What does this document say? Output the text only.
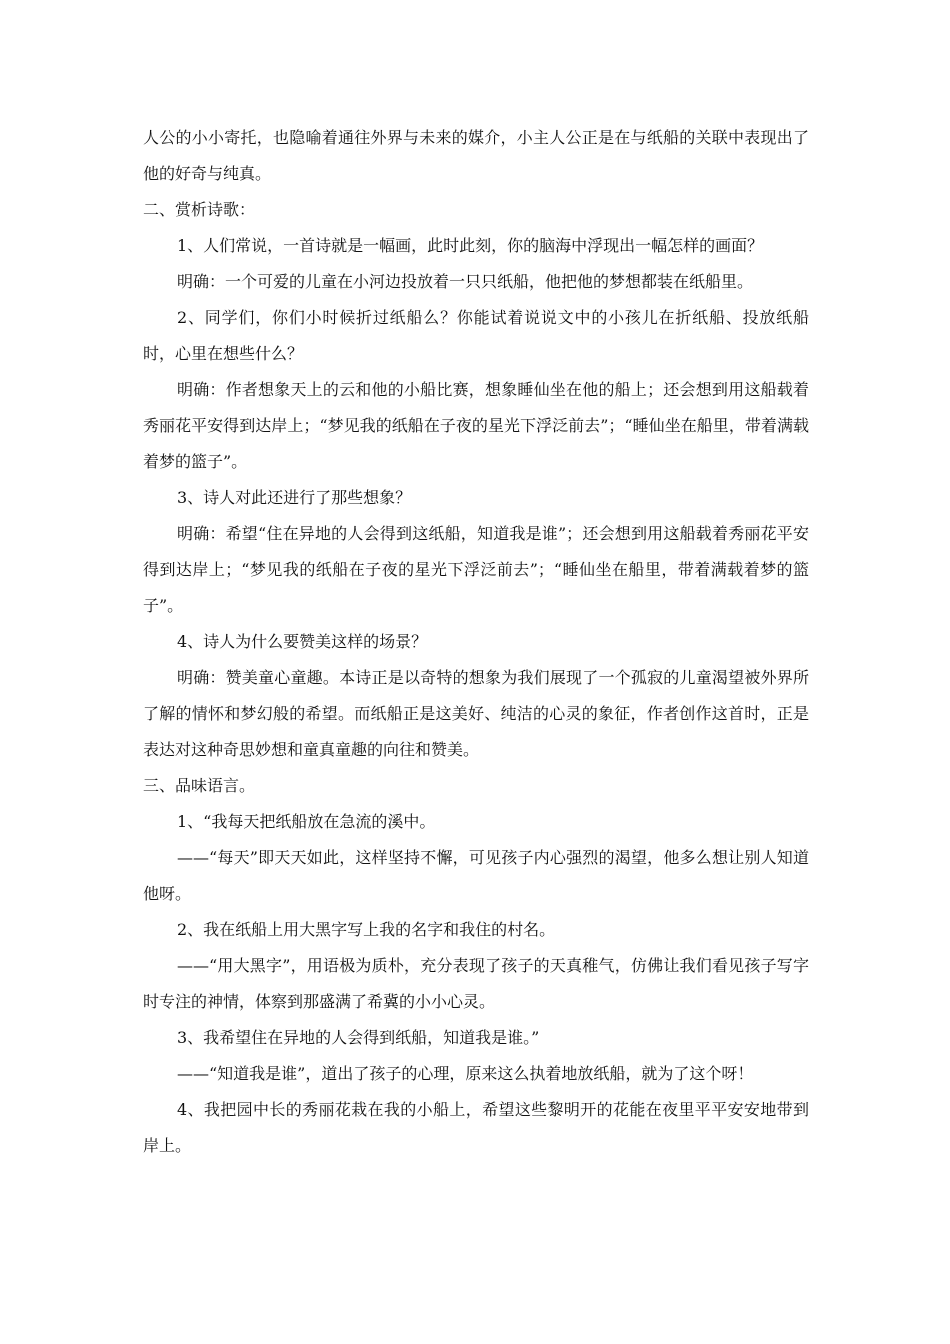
人公的小小寄托，也隐喻着通往外界与未来的媒介，小主人公正是在与纸船的关联中表现出了他的好奇与纯真。

二、赏析诗歌：

1、人们常说，一首诗就是一幅画，此时此刻，你的脑海中浮现出一幅怎样的画面？

明确：一个可爱的儿童在小河边投放着一只只纸船，他把他的梦想都装在纸船里。

2、同学们，你们小时候折过纸船么？你能试着说说文中的小孩儿在折纸船、投放纸船时，心里在想些什么？

明确：作者想象天上的云和他的小船比赛，想象睡仙坐在他的船上；还会想到用这船载着秀丽花平安得到达岸上；“梦见我的纸船在子夜的星光下浮泛前去”；“睡仙坐在船里，带着满载着梦的篮子”。

3、诗人对此还进行了那些想象？

明确：希望“住在异地的人会得到这纸船，知道我是谁”；还会想到用这船载着秀丽花平安得到达岸上；“梦见我的纸船在子夜的星光下浮泛前去”；“睡仙坐在船里，带着满载着梦的篮子”。

4、诗人为什么要赞美这样的场景？

明确：赞美童心童趣。本诗正是以奇特的想象为我们展现了一个孤寂的儿童渴望被外界所了解的情怀和梦幻般的希望。而纸船正是这美好、纯洁的心灵的象征，作者创作这首时，正是表达对这种奇思妙想和童真童趣的向往和赞美。

三、品味语言。

1、“我每天把纸船放在急流的溪中。

——“每天”即天天如此，这样坚持不懈，可见孩子内心强烈的渴望，他多么想让别人知道他呀。

2、我在纸船上用大黑字写上我的名字和我住的村名。

——“用大黑字”，用语极为质朴，充分表现了孩子的天真稚气，仿佛让我们看见孩子写字时专注的神情，体察到那盛满了希冀的小小心灵。

3、我希望住在异地的人会得到纸船，知道我是谁。”

——“知道我是谁”，道出了孩子的心理，原来这么执着地放纸船，就为了这个呀！

4、我把园中长的秀丽花栽在我的小船上，希望这些黎明开的花能在夜里平平安安地带到岸上。
